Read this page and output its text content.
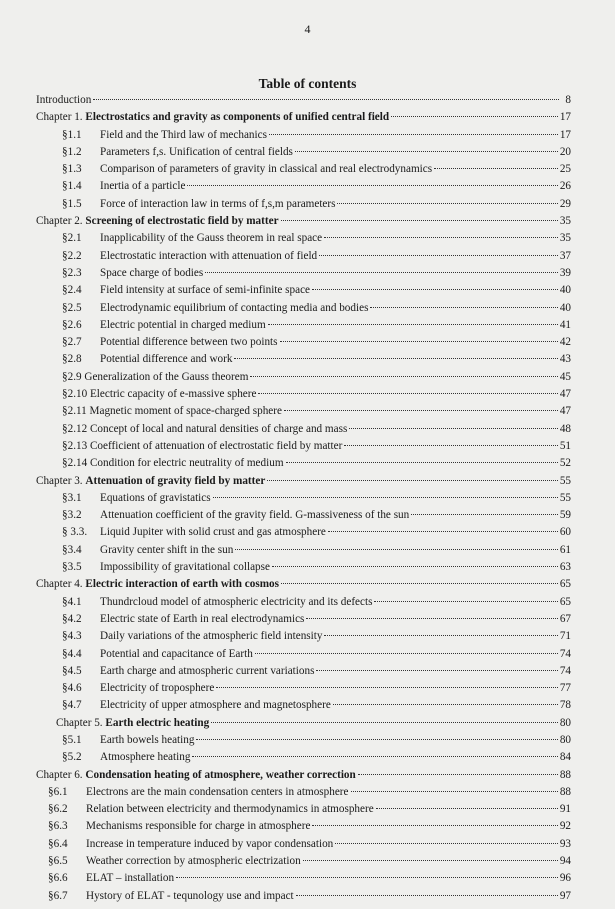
4
Table of contents
Introduction	8
Chapter 1. Electrostatics and gravity as components of unified central field	17
§1.1 Field and the Third law of mechanics	17
§1.2 Parameters f,s. Unification of central fields	20
§1.3 Comparison of parameters of gravity in classical and real electrodynamics	25
§1.4 Inertia of a particle	26
§1.5 Force of interaction law in terms of f,s,m parameters	29
Chapter 2. Screening of electrostatic field by matter	35
§2.1 Inapplicability of the Gauss theorem in real space	35
§2.2 Electrostatic interaction with attenuation of field	37
§2.3 Space charge of bodies	39
§2.4 Field intensity at surface of semi-infinite space	40
§2.5 Electrodynamic equilibrium of contacting media and bodies	40
§2.6 Electric potential in charged medium	41
§2.7 Potential difference between two points	42
§2.8 Potential difference and work	43
§2.9 Generalization of the Gauss theorem	45
§2.10 Electric capacity of e-massive sphere	47
§2.11 Magnetic moment of space-charged sphere	47
§2.12 Concept of local and natural densities of charge and mass	48
§2.13 Coefficient of attenuation of electrostatic field by matter	51
§2.14 Condition for electric neutrality of medium	52
Chapter 3. Attenuation of gravity field by matter	55
§3.1 Equations of gravistatics	55
§3.2 Attenuation coefficient of the gravity field. G-massiveness of the sun	59
§ 3.3. Liquid Jupiter with solid crust and gas atmosphere	60
§3.4 Gravity center shift in the sun	61
§3.5 Impossibility of gravitational collapse	63
Chapter 4. Electric interaction of earth with cosmos	65
§4.1 Thundrcloud model of atmospheric electricity and its defects	65
§4.2 Electric state of Earth in real electrodynamics	67
§4.3 Daily variations of the atmospheric field intensity	71
§4.4 Potential and capacitance of Earth	74
§4.5 Earth charge and atmospheric current variations	74
§4.6 Electricity of troposphere	77
§4.7 Electricity of upper atmosphere and magnetosphere	78
Chapter 5. Earth electric heating	80
§5.1 Earth bowels heating	80
§5.2 Atmosphere heating	84
Chapter 6. Condensation heating of atmosphere, weather correction	88
§6.1 Electrons are the main condensation centers in atmosphere	88
§6.2 Relation between electricity and thermodynamics in atmosphere	91
§6.3 Mechanisms responsible for charge in atmosphere	92
§6.4 Increase in temperature induced by vapor condensation	93
§6.5 Weather correction by atmospheric electrization	94
§6.6 ELAT – installation	96
§6.7 Hystory of ELAT - tequnology use and impact	97
